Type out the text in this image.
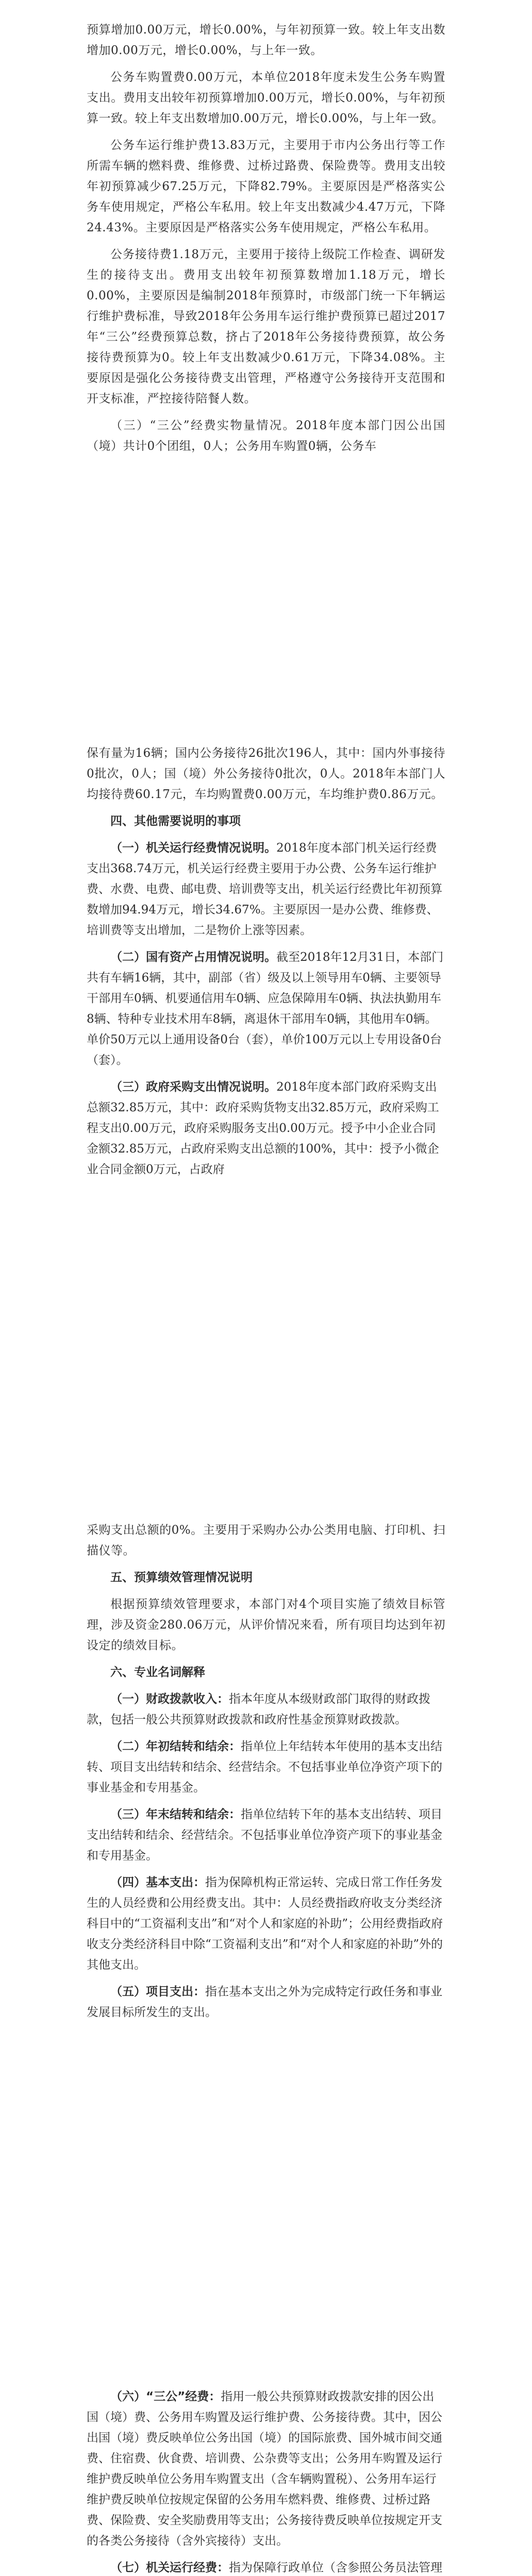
预算增加0.00万元，增长0.00%，与年初预算一致。较上年支出数增加0.00万元，增长0.00%，与上年一致。

公务车购置费0.00万元，本单位2018年度未发生公务车购置支出。费用支出较年初预算增加0.00万元，增长0.00%，与年初预算一致。较上年支出数增加0.00万元，增长0.00%，与上年一致。

公务车运行维护费13.83万元，主要用于市内公务出行等工作所需车辆的燃料费、维修费、过桥过路费、保险费等。费用支出较年初预算减少67.25万元，下降82.79%。主要原因是严格落实公务车使用规定，严格公车私用。较上年支出数减少4.47万元，下降24.43%。主要原因是严格落实公务车使用规定，严格公车私用。

公务接待费1.18万元，主要用于接待上级院工作检查、调研发生的接待支出。费用支出较年初预算数增加1.18万元，增长0.00%，主要原因是编制2018年预算时，市级部门统一下年辆运行维护费标准，导致2018年公务用车运行维护费预算已超过2017年“三公”经费预算总数，挤占了2018年公务接待费预算，故公务接待费预算为0。较上年支出数减少0.61万元，下降34.08%。主要原因是强化公务接待费支出管理，严格遵守公务接待开支范围和开支标准，严控接待陪餐人数。

（三）“三公”经费实物量情况。2018年度本部门因公出国（境）共计0个团组，0人；公务用车购置0辆，公务车

保有量为16辆；国内公务接待26批次196人，其中：国内外事接待0批次，0人；国（境）外公务接待0批次，0人。2018年本部门人均接待费60.17元，车均购置费0.00万元，车均维护费0.86万元。

四、其他需要说明的事项

（一）机关运行经费情况说明。2018年度本部门机关运行经费支出368.74万元，机关运行经费主要用于办公费、公务车运行维护费、水费、电费、邮电费、培训费等支出，机关运行经费比年初预算数增加94.94万元，增长34.67%。主要原因一是办公费、维修费、培训费等支出增加，二是物价上涨等因素。

（二）国有资产占用情况说明。截至2018年12月31日，本部门共有车辆16辆，其中，副部（省）级及以上领导用车0辆、主要领导干部用车0辆、机要通信用车0辆、应急保障用车0辆、执法执勤用车8辆、特种专业技术用车8辆，离退休干部用车0辆，其他用车0辆。单价50万元以上通用设备0台（套），单价100万元以上专用设备0台（套）。

（三）政府采购支出情况说明。2018年度本部门政府采购支出总额32.85万元，其中：政府采购货物支出32.85万元，政府采购工程支出0.00万元，政府采购服务支出0.00万元。授予中小企业合同金额32.85万元，占政府采购支出总额的100%，其中：授予小微企业合同金额0万元，占政府

采购支出总额的0%。主要用于采购办公办公类用电脑、打印机、扫描仪等。

五、预算绩效管理情况说明

根据预算绩效管理要求，本部门对4个项目实施了绩效目标管理，涉及资金280.06万元，从评价情况来看，所有项目均达到年初设定的绩效目标。

六、专业名词解释

（一）财政拨款收入：指本年度从本级财政部门取得的财政拨款，包括一般公共预算财政拨款和政府性基金预算财政拨款。

（二）年初结转和结余：指单位上年结转本年使用的基本支出结转、项目支出结转和结余、经营结余。不包括事业单位净资产项下的事业基金和专用基金。

（三）年末结转和结余：指单位结转下年的基本支出结转、项目支出结转和结余、经营结余。不包括事业单位净资产项下的事业基金和专用基金。

（四）基本支出：指为保障机构正常运转、完成日常工作任务发生的人员经费和公用经费支出。其中：人员经费指政府收支分类经济科目中的“工资福利支出”和“对个人和家庭的补助”；公用经费指政府收支分类经济科目中除“工资福利支出”和“对个人和家庭的补助”外的其他支出。

（五）项目支出：指在基本支出之外为完成特定行政任务和事业发展目标所发生的支出。

（六）“三公”经费：指用一般公共预算财政拨款安排的因公出国（境）费、公务用车购置及运行维护费、公务接待费。其中，因公出国（境）费反映单位公务出国（境）的国际旅费、国外城市间交通费、住宿费、伙食费、培训费、公杂费等支出；公务用车购置及运行维护费反映单位公务用车购置支出（含车辆购置税）、公务用车运行维护费反映单位按规定保留的公务用车燃料费、维修费、过桥过路费、保险费、安全奖励费用等支出；公务接待费反映单位按规定开支的各类公务接待（含外宾接待）支出。

（七）机关运行经费：指为保障行政单位（含参照公务员法管理
